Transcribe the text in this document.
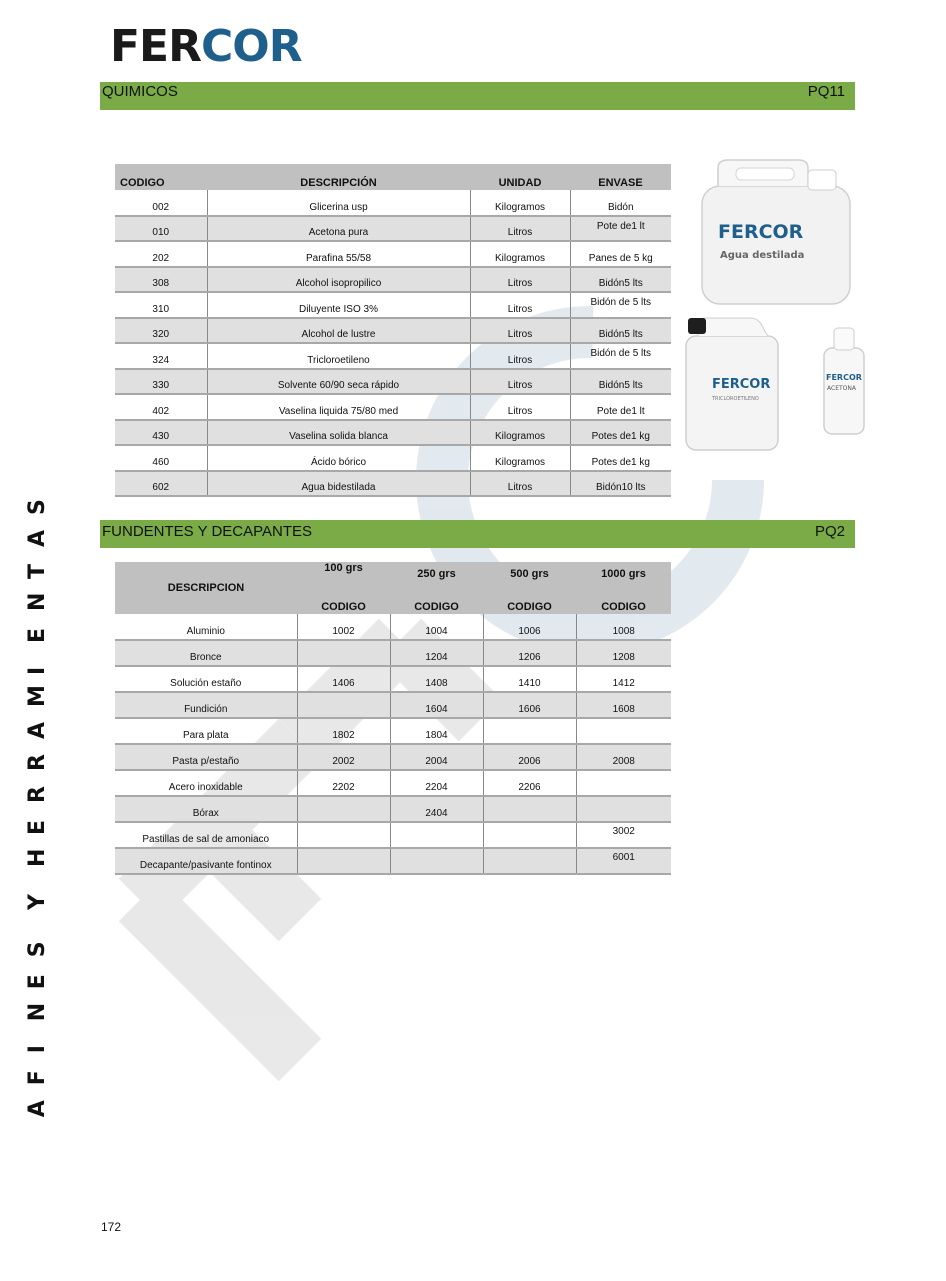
FERCOR
QUIMICOS	PQ11
CODIGO	DESCRIPCIÓN	UNIDAD	ENVASE
002	Glicerina usp	Kilogramos	Bidón
010	Acetona pura	Litros	Pote de1 lt
202	Parafina 55/58	Kilogramos	Panes de 5 kg
308	Alcohol isopropilico	Litros	Bidón5 lts
310	Diluyente ISO 3%	Litros	Bidón de 5 lts
320	Alcohol de lustre	Litros	Bidón5 lts
324	Tricloroetileno	Litros	Bidón de 5 lts
330	Solvente 60/90 seca rápido	Litros	Bidón5 lts
402	Vaselina liquida 75/80 med	Litros	Pote de1 lt
430	Vaselina solida blanca	Kilogramos	Potes de1 kg
460	Ácido bórico	Kilogramos	Potes de1 kg
602	Agua bidestilada	Litros	Bidón10 lts
FERCOR
Agua destilada
FERCOR
TRICLOROETILENO
FERCOR
ACETONA
FUNDENTES Y DECAPANTES	PQ2
DESCRIPCION	100 grs	250 grs	500 grs	1000 grs
	CODIGO	CODIGO	CODIGO	CODIGO
Aluminio	1002	1004	1006	1008
Bronce		1204	1206	1208
Solución estaño	1406	1408	1410	1412
Fundición		1604	1606	1608
Para plata	1802	1804		
Pasta p/estaño	2002	2004	2006	2008
Acero inoxidable	2202	2204	2206	
Bórax		2404		
Pastillas de sal de amoniaco				3002
Decapante/pasivante fontinox				6001
S
A
T
N
E
I
M
A
R
R
E
H
Y
S
E
N
I
F
A
172
